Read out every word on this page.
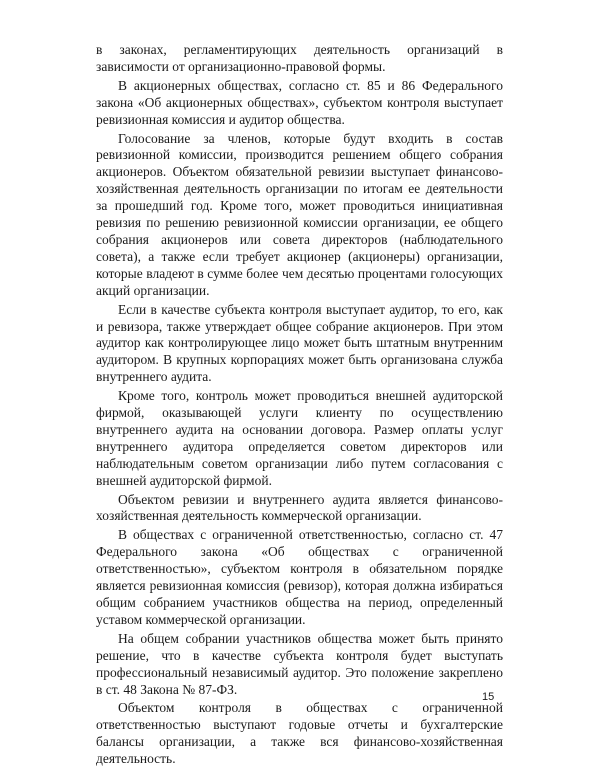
в законах, регламентирующих деятельность организаций в зависимости от организационно-правовой формы.

В акционерных обществах, согласно ст. 85 и 86 Федерального закона «Об акционерных обществах», субъектом контроля выступает ревизионная комиссия и аудитор общества.

Голосование за членов, которые будут входить в состав ревизионной комиссии, производится решением общего собрания акционеров. Объектом обязательной ревизии выступает финансово-хозяйственная деятельность организации по итогам ее деятельности за прошедший год. Кроме того, может проводиться инициативная ревизия по решению ревизионной комиссии организации, ее общего собрания акционеров или совета директоров (наблюдательного совета), а также если требует акционер (акционеры) организации, которые владеют в сумме более чем десятью процентами голосующих акций организации.

Если в качестве субъекта контроля выступает аудитор, то его, как и ревизора, также утверждает общее собрание акционеров. При этом аудитор как контролирующее лицо может быть штатным внутренним аудитором. В крупных корпорациях может быть организована служба внутреннего аудита.

Кроме того, контроль может проводиться внешней аудиторской фирмой, оказывающей услуги клиенту по осуществлению внутреннего аудита на основании договора. Размер оплаты услуг внутреннего аудитора определяется советом директоров или наблюдательным советом организации либо путем согласования с внешней аудиторской фирмой.

Объектом ревизии и внутреннего аудита является финансово-хозяйственная деятельность коммерческой организации.

В обществах с ограниченной ответственностью, согласно ст. 47 Федерального закона «Об обществах с ограниченной ответственностью», субъектом контроля в обязательном порядке является ревизионная комиссия (ревизор), которая должна избираться общим собранием участников общества на период, определенный уставом коммерческой организации.

На общем собрании участников общества может быть принято решение, что в качестве субъекта контроля будет выступать профессиональный независимый аудитор. Это положение закреплено в ст. 48 Закона № 87-ФЗ.

Объектом контроля в обществах с ограниченной ответственностью выступают годовые отчеты и бухгалтерские балансы организации, а также вся финансово-хозяйственная деятельность.

15
